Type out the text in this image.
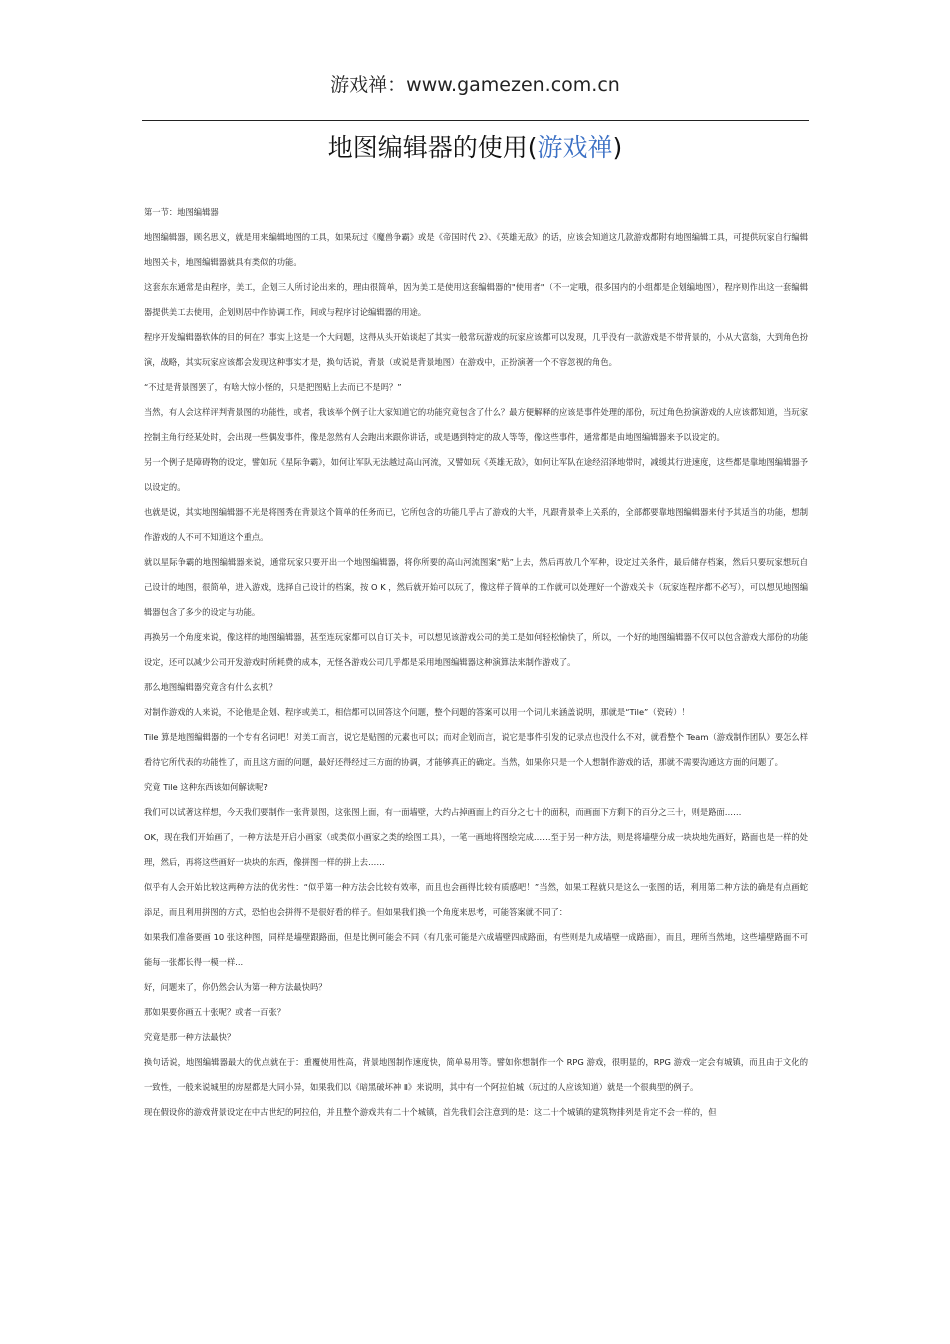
游戏禅：www.gamezen.com.cn
地图编辑器的使用(游戏禅)

第一节：地图编辑器

地图编辑器，顾名思义，就是用来编辑地图的工具，如果玩过《魔兽争霸》或是《帝国时代 2》、《英雄无敌》的话，应该会知道这几款游戏都附有地图编辑工具，可提供玩家自行编辑地图关卡，地图编辑器就具有类似的功能。

这套东东通常是由程序，美工，企划三人所讨论出来的，理由很简单，因为美工是使用这套编辑器的"使用者"（不一定哦，很多国内的小组都是企划编地图），程序则作出这一套编辑器提供美工去使用，企划则居中作协调工作，间或与程序讨论编辑器的用途。

程序开发编辑器软体的目的何在？事实上这是一个大问题，这得从头开始谈起了其实一般常玩游戏的玩家应该都可以发现，几乎没有一款游戏是不带背景的，小从大富翁，大到角色扮演，战略，其实玩家应该都会发现这种事实才是，换句话说，背景（或说是背景地图）在游戏中，正扮演著一个不容忽视的角色。

“不过是背景图罢了，有啥大惊小怪的，只是把图贴上去而已不是吗？”

当然，有人会这样评判背景图的功能性，或者，我该举个例子让大家知道它的功能究竟包含了什么？最方便解释的应该是事件处理的部份，玩过角色扮演游戏的人应该都知道，当玩家控制主角行经某处时，会出现一些偶发事件，像是忽然有人会跑出来跟你讲话，或是遇到特定的敌人等等，像这些事件，通常都是由地图编辑器来予以设定的。

另一个例子是障碍物的设定，譬如玩《星际争霸》，如何让军队无法越过高山河流，又譬如玩《英雄无敌》，如何让军队在途经沼泽地带时，减缓其行进速度，这些都是靠地图编辑器予以设定的。

也就是说，其实地图编辑器不光是将图秀在背景这个简单的任务而已，它所包含的功能几乎占了游戏的大半，凡跟背景牵上关系的，全部都要靠地图编辑器来付予其适当的功能，想制作游戏的人不可不知道这个重点。

就以星际争霸的地图编辑器来说，通常玩家只要开出一个地图编辑器，将你所要的高山河流图案“贴”上去，然后再放几个军种，设定过关条件，最后储存档案，然后只要玩家想玩自己设计的地图，很简单，进入游戏，选择自己设计的档案，按 O K ，然后就开始可以玩了，像这样子简单的工作就可以处理好一个游戏关卡（玩家连程序都不必写），可以想见地图编辑器包含了多少的设定与功能。

再换另一个角度来说，像这样的地图编辑器，甚至连玩家都可以自订关卡，可以想见该游戏公司的美工是如何轻松愉快了，所以，一个好的地图编辑器不仅可以包含游戏大部份的功能设定，还可以减少公司开发游戏时所耗费的成本，无怪各游戏公司几乎都是采用地图编辑器这种演算法来制作游戏了。

那么地图编辑器究竟含有什么玄机？

对制作游戏的人来说，不论他是企划、程序或美工，相信都可以回答这个问题，整个问题的答案可以用一个词儿来涵盖说明，那就是“Tile”（瓷砖）！

Tile 算是地图编辑器的一个专有名词吧！对美工而言，说它是贴图的元素也可以；而对企划而言，说它是事件引发的记录点也没什么不对，就看整个 Team（游戏制作团队）要怎么样看待它所代表的功能性了，而且这方面的问题，最好还得经过三方面的协调，才能够真正的确定。当然，如果你只是一个人想制作游戏的话，那就不需要沟通这方面的问题了。

究竟 Tile 这种东西该如何解读呢?

我们可以试著这样想，今天我们要制作一张背景图，这张图上面，有一面墙壁，大约占掉画面上约百分之七十的面积，而画面下方剩下的百分之三十，则是路面……

OK，现在我们开始画了，一种方法是开启小画家（或类似小画家之类的绘图工具），一笔一画地将图绘完成……至于另一种方法，则是将墙壁分成一块块地先画好，路面也是一样的处理，然后，再将这些画好一块块的东西，像拼图一样的拼上去……

似乎有人会开始比较这两种方法的优劣性：“似乎第一种方法会比较有效率，而且也会画得比较有质感吧！”当然，如果工程就只是这么一张图的话，利用第二种方法的确是有点画蛇添足，而且利用拼图的方式，恐怕也会拼得不是很好看的样子。但如果我们换一个角度来思考，可能答案就不同了：

如果我们准备要画 10 张这种图，同样是墙壁跟路面，但是比例可能会不同（有几张可能是六成墙壁四成路面，有些则是九成墙壁一成路面），而且，理所当然地，这些墙壁路面不可能每一张都长得一模一样...

好，问题来了，你仍然会认为第一种方法最快吗？

那如果要你画五十张呢？或者一百张？

究竟是那一种方法最快？

换句话说，地图编辑器最大的优点就在于：重覆使用性高，背景地图制作速度快，简单易用等。譬如你想制作一个 RPG 游戏，很明显的，RPG 游戏一定会有城镇，而且由于文化的一致性，一般来说城里的房屋都是大同小异，如果我们以《暗黑破坏神 Ⅱ》来说明，其中有一个阿拉伯城（玩过的人应该知道）就是一个很典型的例子。

现在假设你的游戏背景设定在中古世纪的阿拉伯，并且整个游戏共有二十个城镇，首先我们会注意到的是：这二十个城镇的建筑物排列是肯定不会一样的，但
